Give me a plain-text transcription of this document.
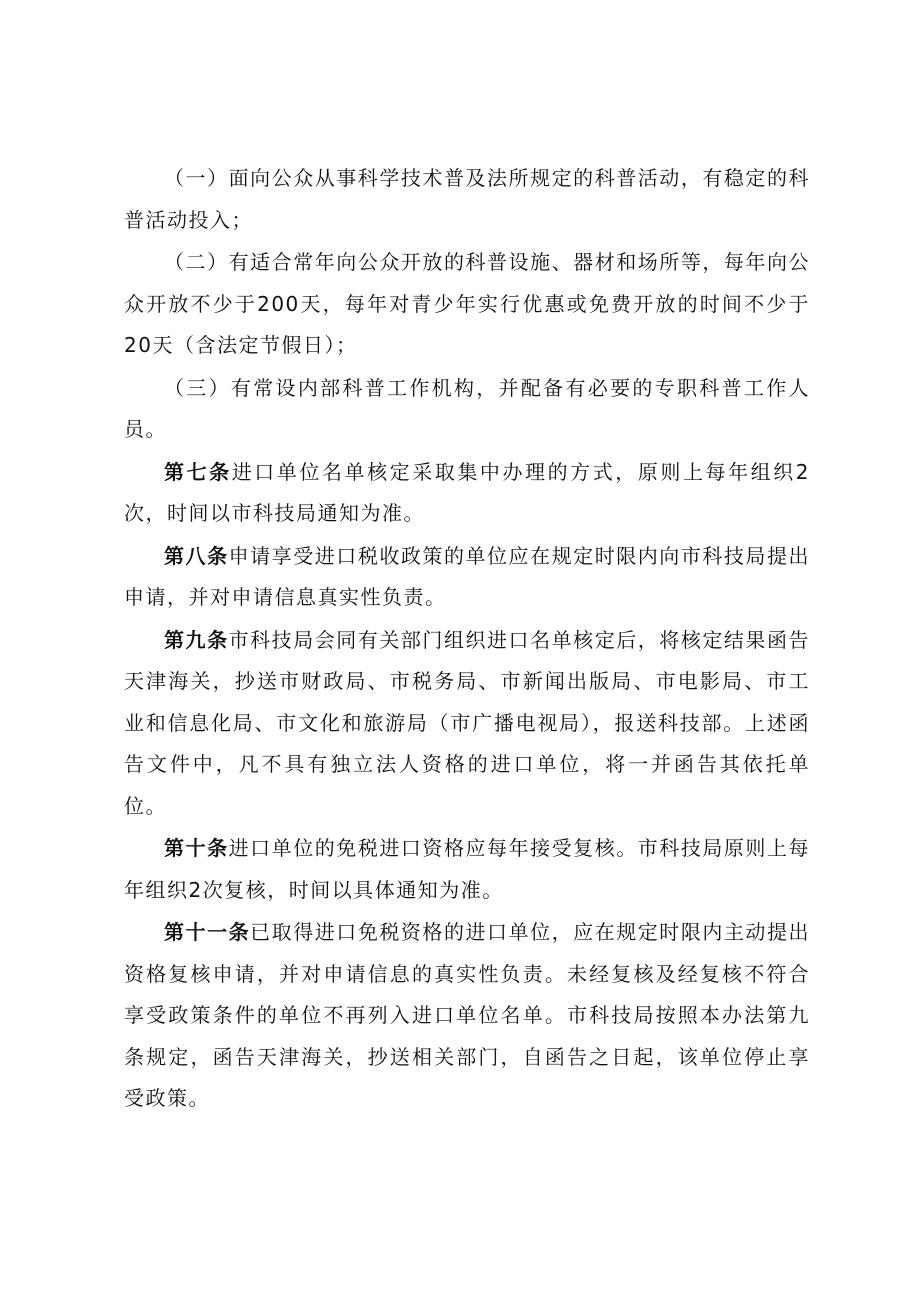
（一）面向公众从事科学技术普及法所规定的科普活动，有稳定的科普活动投入；

（二）有适合常年向公众开放的科普设施、器材和场所等，每年向公众开放不少于200天，每年对青少年实行优惠或免费开放的时间不少于20天（含法定节假日）；

（三）有常设内部科普工作机构，并配备有必要的专职科普工作人员。

第七条进口单位名单核定采取集中办理的方式，原则上每年组织2次，时间以市科技局通知为准。

第八条申请享受进口税收政策的单位应在规定时限内向市科技局提出申请，并对申请信息真实性负责。

第九条市科技局会同有关部门组织进口名单核定后，将核定结果函告天津海关，抄送市财政局、市税务局、市新闻出版局、市电影局、市工业和信息化局、市文化和旅游局（市广播电视局），报送科技部。上述函告文件中，凡不具有独立法人资格的进口单位，将一并函告其依托单位。

第十条进口单位的免税进口资格应每年接受复核。市科技局原则上每年组织2次复核，时间以具体通知为准。

第十一条已取得进口免税资格的进口单位，应在规定时限内主动提出资格复核申请，并对申请信息的真实性负责。未经复核及经复核不符合享受政策条件的单位不再列入进口单位名单。市科技局按照本办法第九条规定，函告天津海关，抄送相关部门，自函告之日起，该单位停止享受政策。
